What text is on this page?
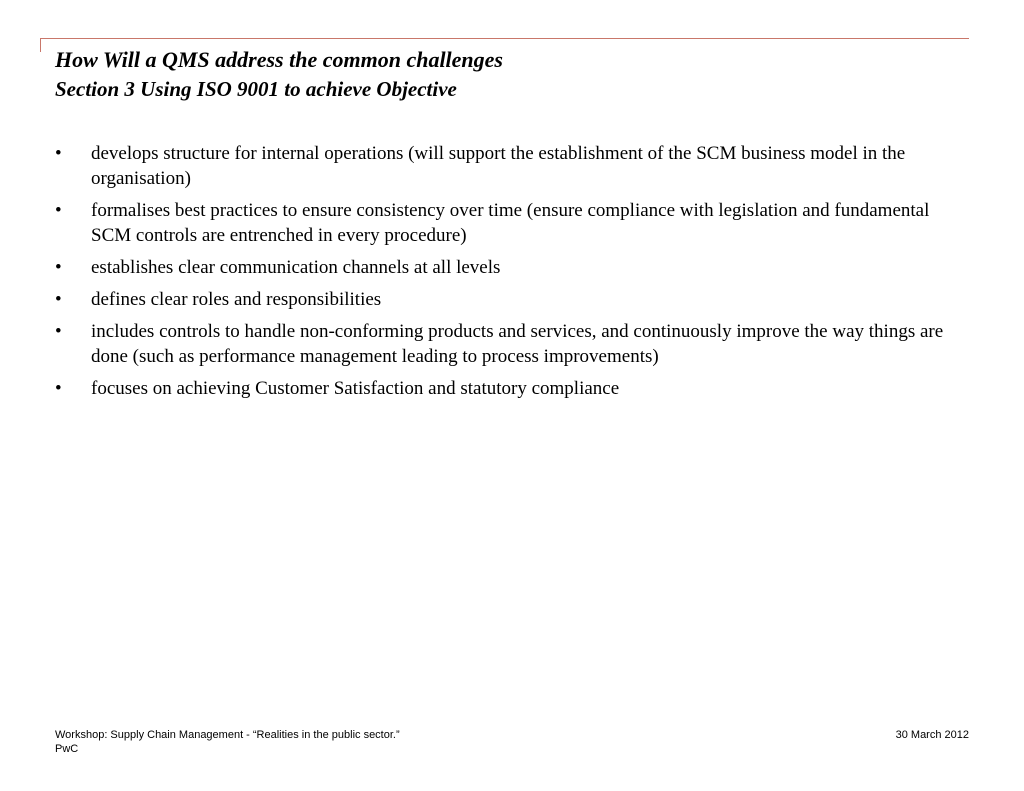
How Will a QMS address the common challenges
Section 3 Using ISO 9001 to achieve Objective
• develops structure for internal operations (will support the establishment of the SCM business model in the organisation)
• formalises best practices to ensure consistency over time (ensure compliance with legislation and fundamental SCM controls are entrenched in every procedure)
• establishes clear communication channels at all levels
• defines clear roles and responsibilities
• includes controls to handle non-conforming products and services, and continuously improve the way things are done (such as performance management leading to process improvements)
• focuses on achieving Customer Satisfaction and statutory compliance
Workshop: Supply Chain Management - “Realities in the public sector.”
PwC
30 March 2012
